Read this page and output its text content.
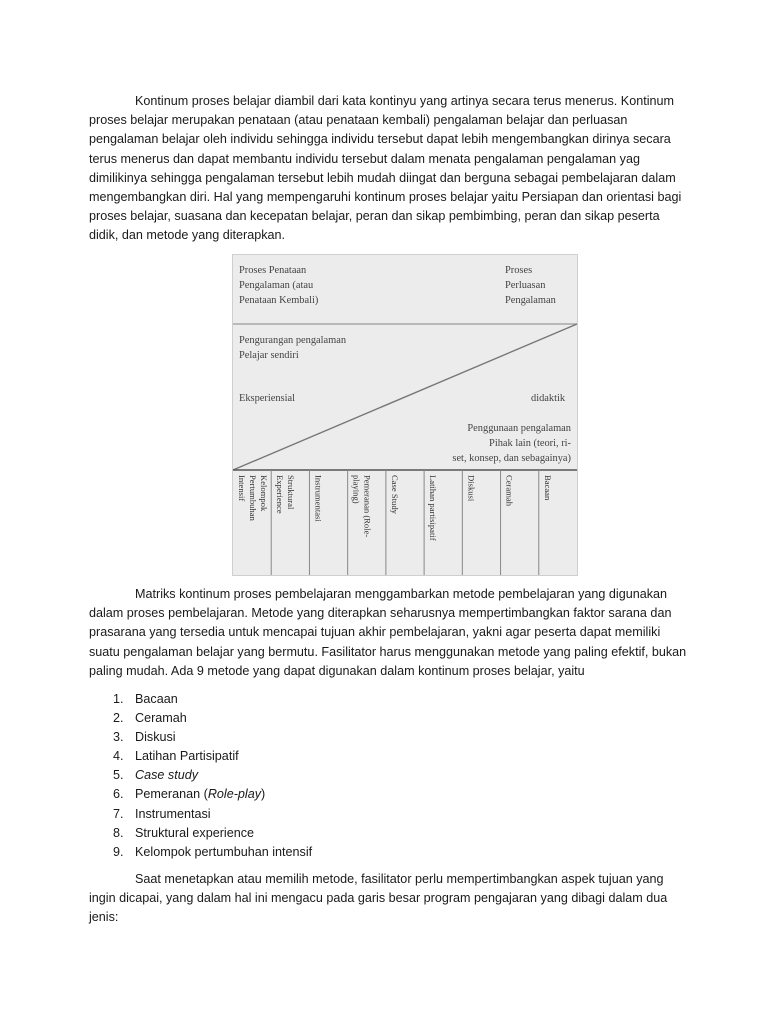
Kontinum proses belajar diambil dari kata kontinyu yang artinya secara terus menerus. Kontinum proses belajar merupakan penataan (atau penataan kembali) pengalaman belajar dan perluasan pengalaman belajar oleh individu sehingga individu tersebut dapat lebih mengembangkan dirinya secara terus menerus dan dapat membantu individu tersebut dalam menata pengalaman pengalaman yag dimilikinya sehingga pengalaman tersebut lebih mudah diingat dan berguna sebagai pembelajaran dalam mengembangkan diri. Hal yang mempengaruhi kontinum proses belajar yaitu Persiapan dan orientasi bagi proses belajar, suasana dan kecepatan belajar, peran dan sikap pembimbing, peran dan sikap peserta didik, dan metode yang diterapkan.

Proses Penataan
Pengalaman (atau
Penataan Kembali)
Proses
Perluasan
Pengalaman
Pengurangan pengalaman
Pelajar sendiri
Eksperiensial	didaktik
Penggunaan pengalaman
Pihak lain (teori, ri-
set, konsep, dan sebagainya)
Kelompok
Pertumbuhan
Intensif	Struktural
Experience	Instrumentasi	Pemeranan (Role-
playing)	Case Study	Latihan partisipatif	Diskusi	Ceramah	Bacaan

Matriks kontinum proses pembelajaran menggambarkan metode pembelajaran yang digunakan dalam proses pembelajaran. Metode yang diterapkan seharusnya mempertimbangkan faktor sarana dan prasarana yang tersedia untuk mencapai tujuan akhir pembelajaran, yakni agar peserta dapat memiliki suatu pengalaman belajar yang bermutu. Fasilitator harus menggunakan metode yang paling efektif, bukan paling mudah. Ada 9 metode yang dapat digunakan dalam kontinum proses belajar, yaitu

1. Bacaan
2. Ceramah
3. Diskusi
4. Latihan Partisipatif
5. Case study
6. Pemeranan (Role-play)
7. Instrumentasi
8. Struktural experience
9. Kelompok pertumbuhan intensif

Saat menetapkan atau memilih metode, fasilitator perlu mempertimbangkan aspek tujuan yang ingin dicapai, yang dalam hal ini mengacu pada garis besar program pengajaran yang dibagi dalam dua jenis:
